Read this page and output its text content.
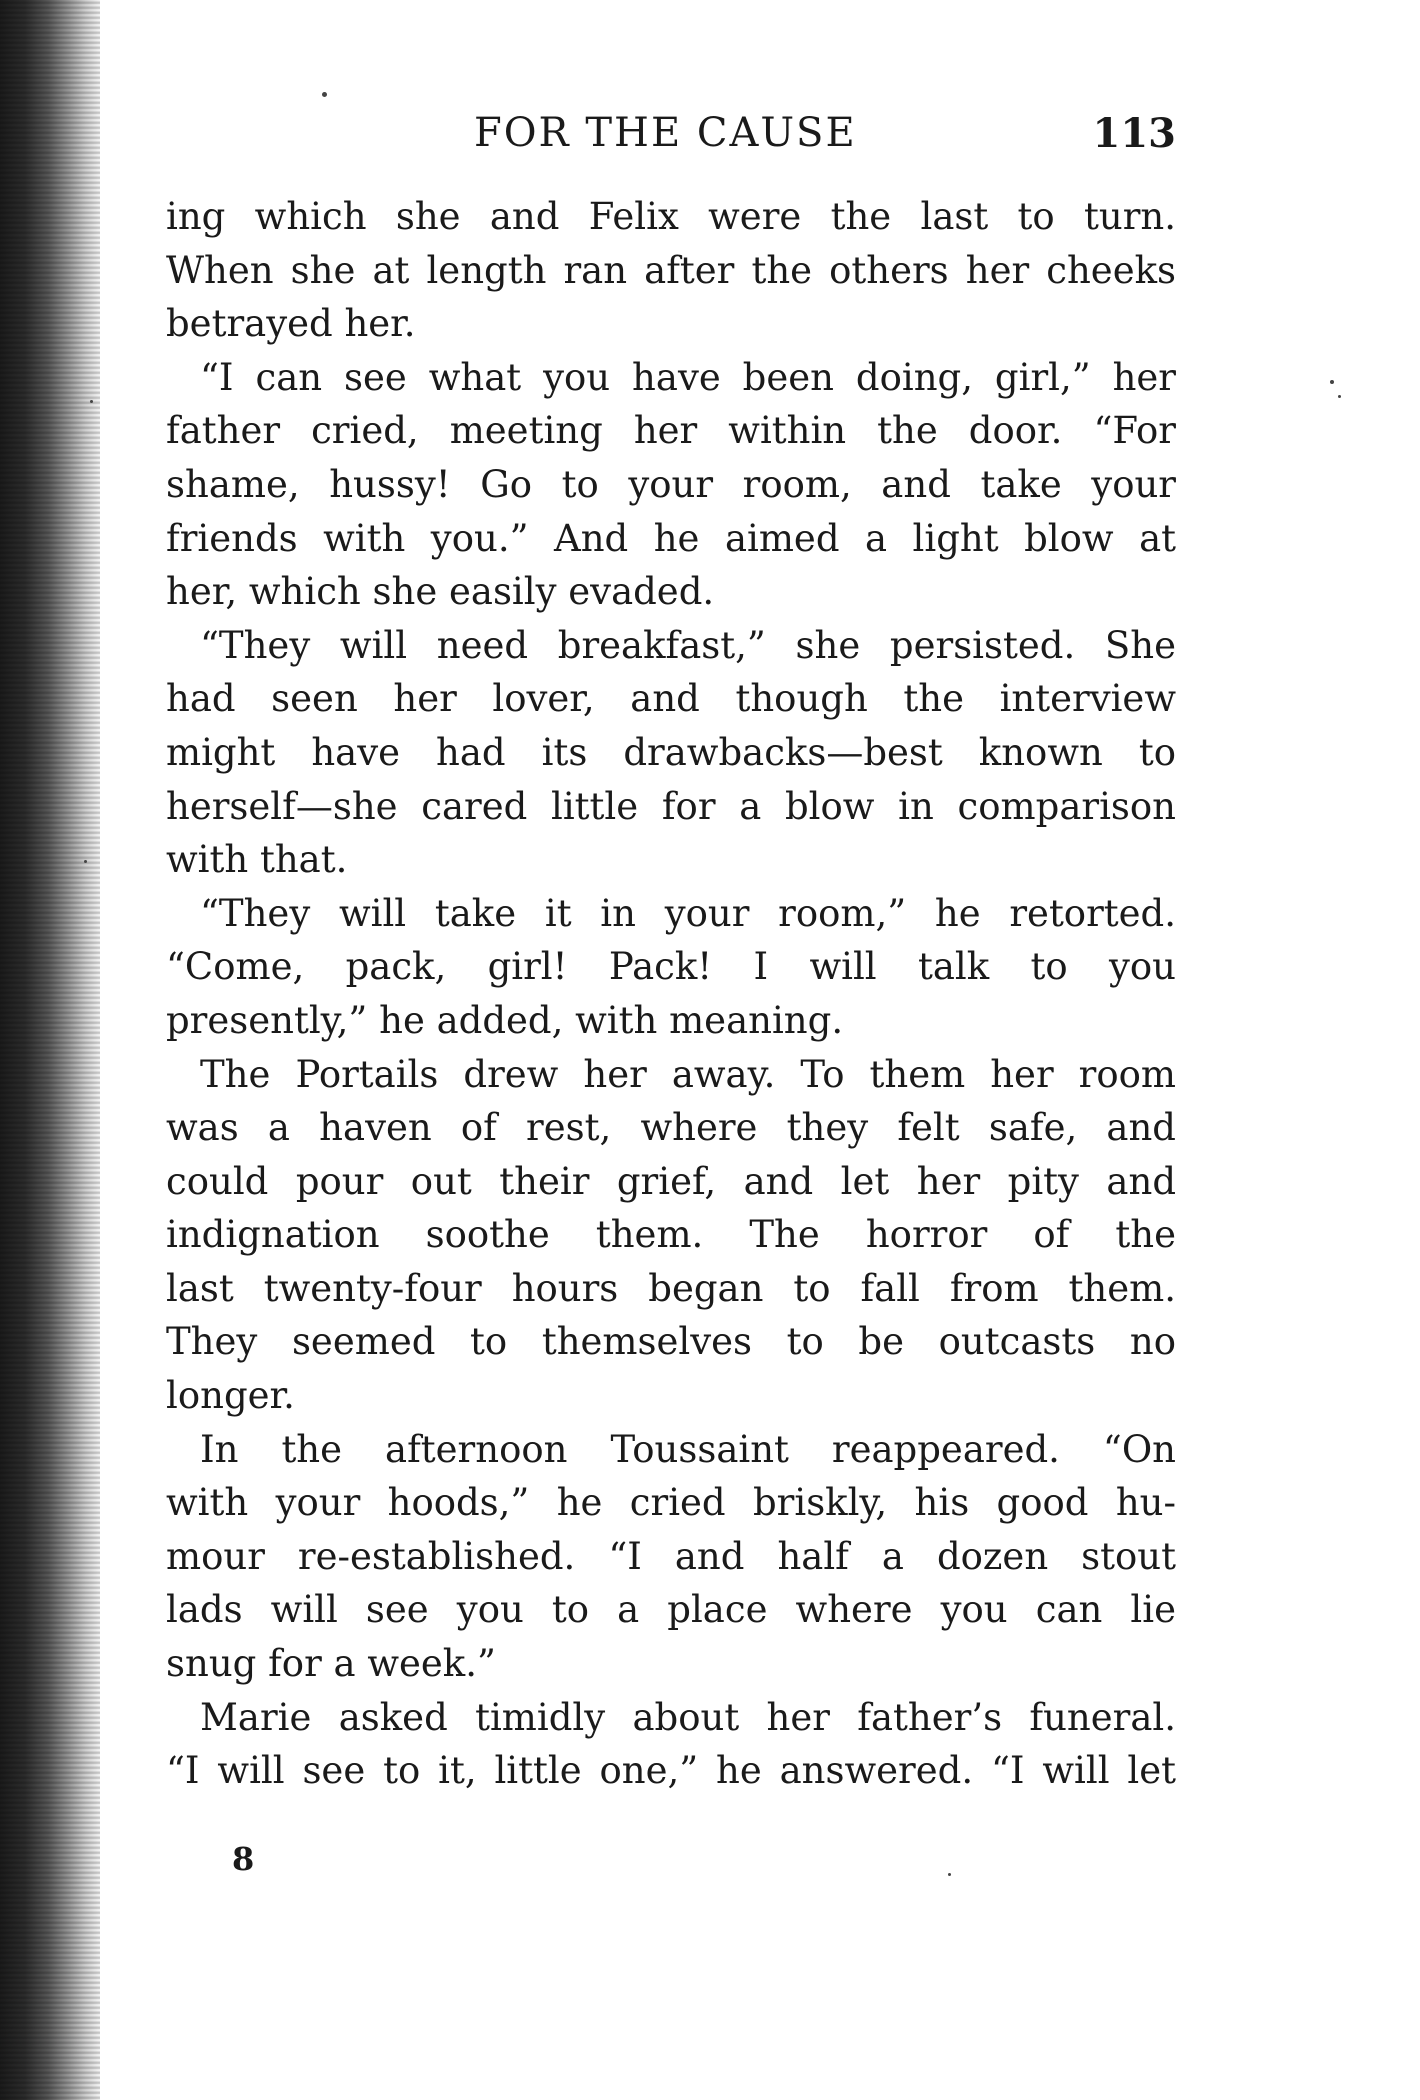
FOR THE CAUSE	113
ing which she and Felix were the last to turn.
When she at length ran after the others her cheeks
betrayed her.
“I can see what you have been doing, girl,” her
father cried, meeting her within the door. “For
shame, hussy! Go to your room, and take your
friends with you.” And he aimed a light blow at
her, which she easily evaded.
“They will need breakfast,” she persisted. She
had seen her lover, and though the interview
might have had its drawbacks—best known to
herself—she cared little for a blow in comparison
with that.
“They will take it in your room,” he retorted.
“Come, pack, girl! Pack! I will talk to you
presently,” he added, with meaning.
The Portails drew her away. To them her room
was a haven of rest, where they felt safe, and
could pour out their grief, and let her pity and
indignation soothe them. The horror of the
last twenty-four hours began to fall from them.
They seemed to themselves to be outcasts no
longer.
In the afternoon Toussaint reappeared. “On
with your hoods,” he cried briskly, his good hu-
mour re-established. “I and half a dozen stout
lads will see you to a place where you can lie
snug for a week.”
Marie asked timidly about her father’s funeral.
“I will see to it, little one,” he answered. “I will let
8
